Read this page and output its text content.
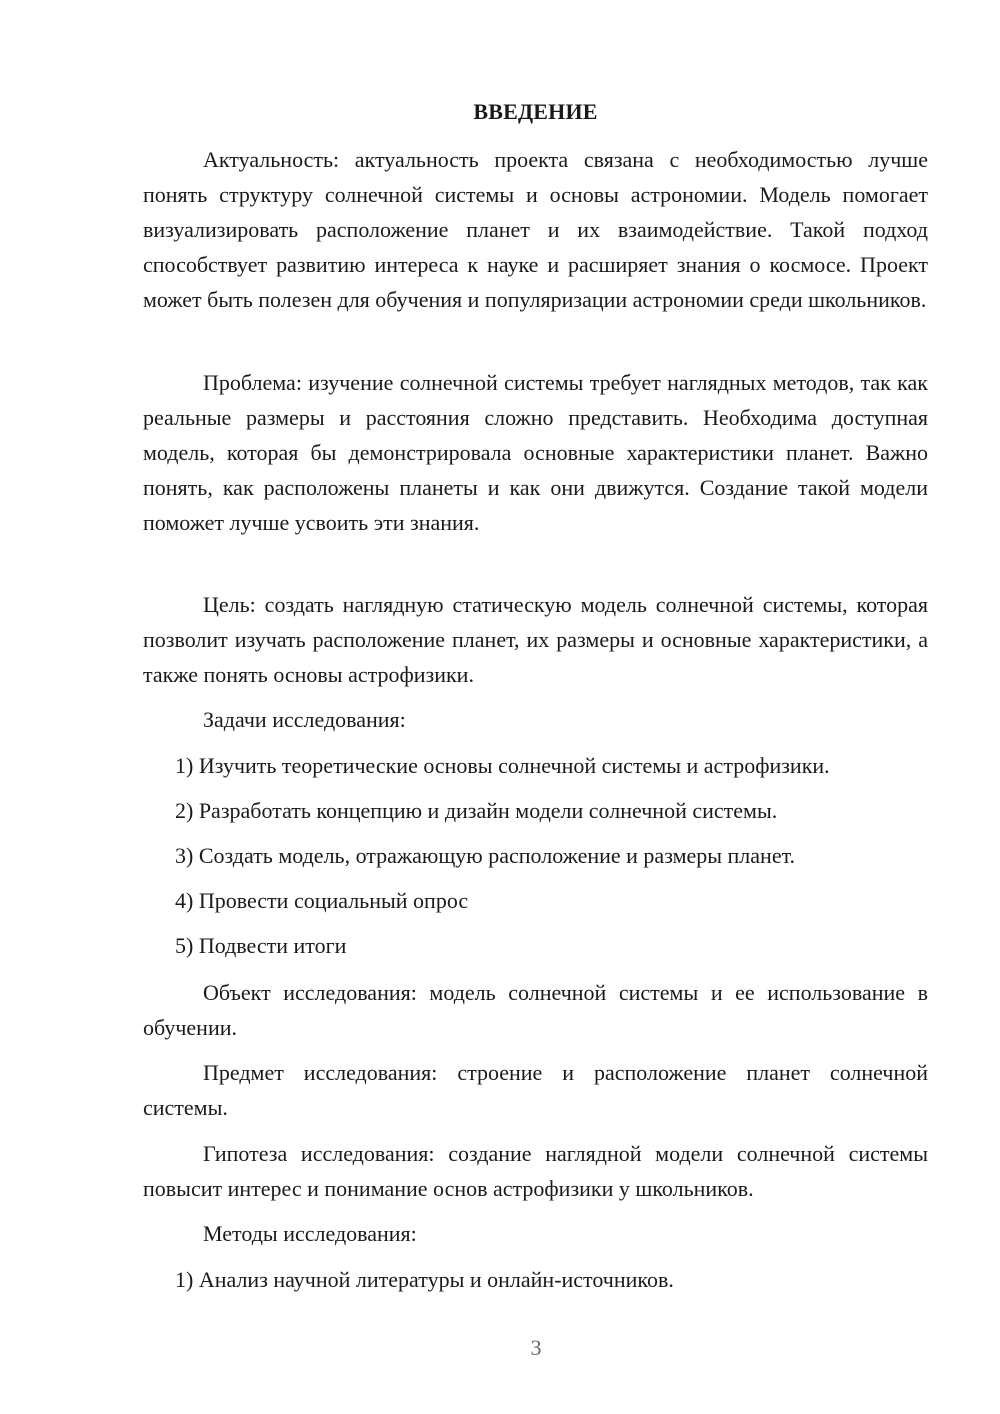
ВВЕДЕНИЕ

Актуальность: актуальность проекта связана с необходимостью лучше понять структуру солнечной системы и основы астрономии. Модель помогает визуализировать расположение планет и их взаимодействие. Такой подход способствует развитию интереса к науке и расширяет знания о космосе. Проект может быть полезен для обучения и популяризации астрономии среди школьников.

Проблема: изучение солнечной системы требует наглядных методов, так как реальные размеры и расстояния сложно представить. Необходима доступная модель, которая бы демонстрировала основные характеристики планет. Важно понять, как расположены планеты и как они движутся. Создание такой модели поможет лучше усвоить эти знания.

Цель: создать наглядную статическую модель солнечной системы, которая позволит изучать расположение планет, их размеры и основные характеристики, а также понять основы астрофизики.

Задачи исследования:
1) Изучить теоретические основы солнечной системы и астрофизики.
2) Разработать концепцию и дизайн модели солнечной системы.
3) Создать модель, отражающую расположение и размеры планет.
4) Провести социальный опрос
5) Подвести итоги

Объект исследования: модель солнечной системы и ее использование в обучении.

Предмет исследования: строение и расположение планет солнечной системы.

Гипотеза исследования: создание наглядной модели солнечной системы повысит интерес и понимание основ астрофизики у школьников.

Методы исследования:
1) Анализ научной литературы и онлайн-источников.
3
